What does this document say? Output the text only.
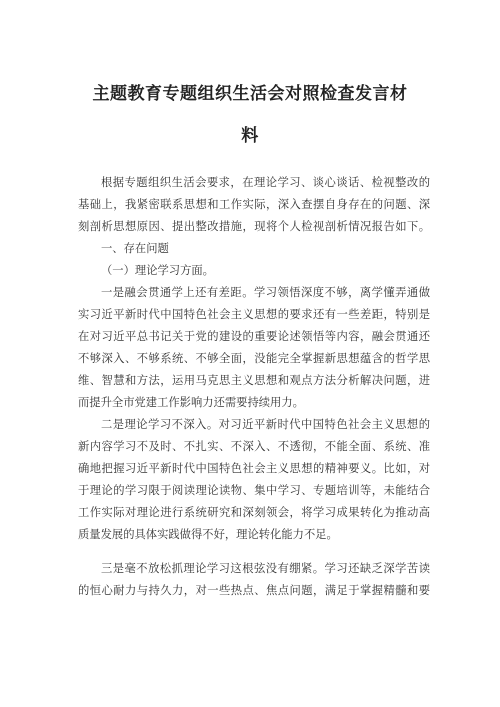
主题教育专题组织生活会对照检查发言材
料
根据专题组织生活会要求，在理论学习、谈心谈话、检视整改的
基础上，我紧密联系思想和工作实际，深入查摆自身存在的问题、深
刻剖析思想原因、提出整改措施，现将个人检视剖析情况报告如下。
一、存在问题
（一）理论学习方面。
一是融会贯通学上还有差距。学习领悟深度不够，离学懂弄通做
实习近平新时代中国特色社会主义思想的要求还有一些差距，特别是
在对习近平总书记关于党的建设的重要论述领悟等内容，融会贯通还
不够深入、不够系统、不够全面，没能完全掌握新思想蕴含的哲学思
维、智慧和方法，运用马克思主义思想和观点方法分析解决问题，进
而提升全市党建工作影响力还需要持续用力。
二是理论学习不深入。对习近平新时代中国特色社会主义思想的
新内容学习不及时、不扎实、不深入、不透彻，不能全面、系统、准
确地把握习近平新时代中国特色社会主义思想的精神要义。比如，对
于理论的学习限于阅读理论读物、集中学习、专题培训等，未能结合
工作实际对理论进行系统研究和深刻领会，将学习成果转化为推动高
质量发展的具体实践做得不好，理论转化能力不足。
三是毫不放松抓理论学习这根弦没有绷紧。学习还缺乏深学苦读
的恒心耐力与持久力，对一些热点、焦点问题，满足于掌握精髓和要
